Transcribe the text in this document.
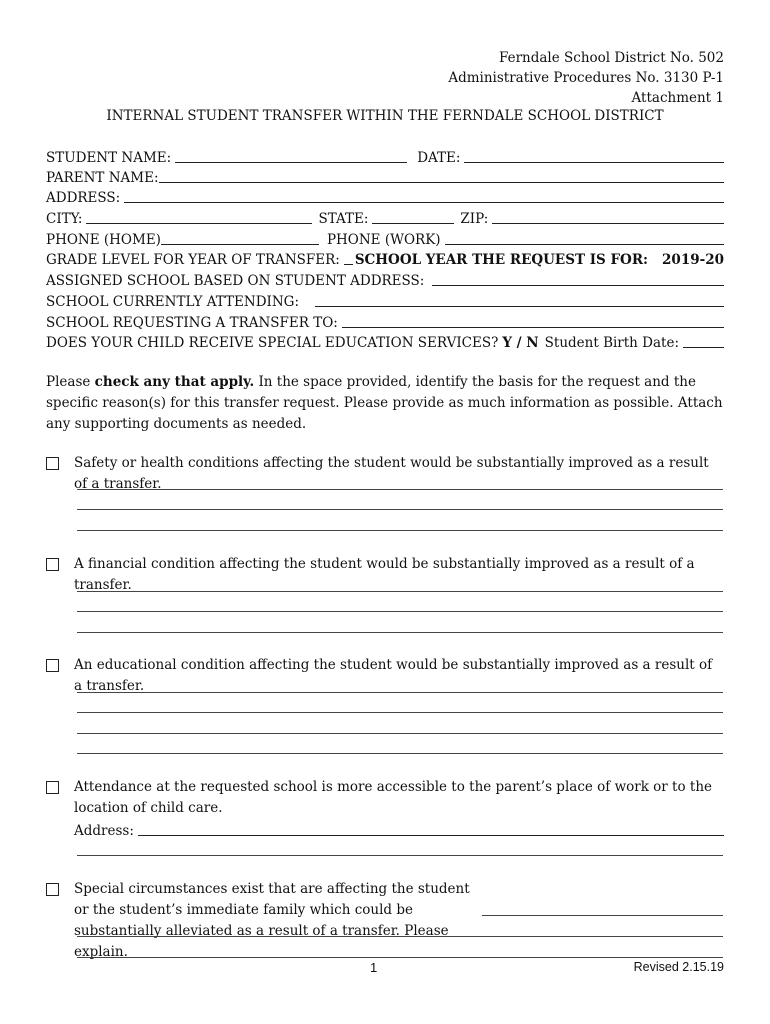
Ferndale School District No. 502
Administrative Procedures No. 3130 P-1
Attachment 1
INTERNAL STUDENT TRANSFER WITHIN THE FERNDALE SCHOOL DISTRICT
STUDENT NAME:	DATE:
PARENT NAME:
ADDRESS:
CITY:	STATE:	ZIP:
PHONE (HOME)	PHONE (WORK)
GRADE LEVEL FOR YEAR OF TRANSFER: SCHOOL YEAR THE REQUEST IS FOR: 2019-20
ASSIGNED SCHOOL BASED ON STUDENT ADDRESS:
SCHOOL CURRENTLY ATTENDING:
SCHOOL REQUESTING A TRANSFER TO:
DOES YOUR CHILD RECEIVE SPECIAL EDUCATION SERVICES? Y / N Student Birth Date:
Please check any that apply. In the space provided, identify the basis for the request and the specific reason(s) for this transfer request. Please provide as much information as possible. Attach any supporting documents as needed.
Safety or health conditions affecting the student would be substantially improved as a result of a transfer.
A financial condition affecting the student would be substantially improved as a result of a transfer.
An educational condition affecting the student would be substantially improved as a result of a transfer.
Attendance at the requested school is more accessible to the parent’s place of work or to the location of child care.
Address:
Special circumstances exist that are affecting the student or the student’s immediate family which could be substantially alleviated as a result of a transfer. Please explain.
1	Revised 2.15.19
